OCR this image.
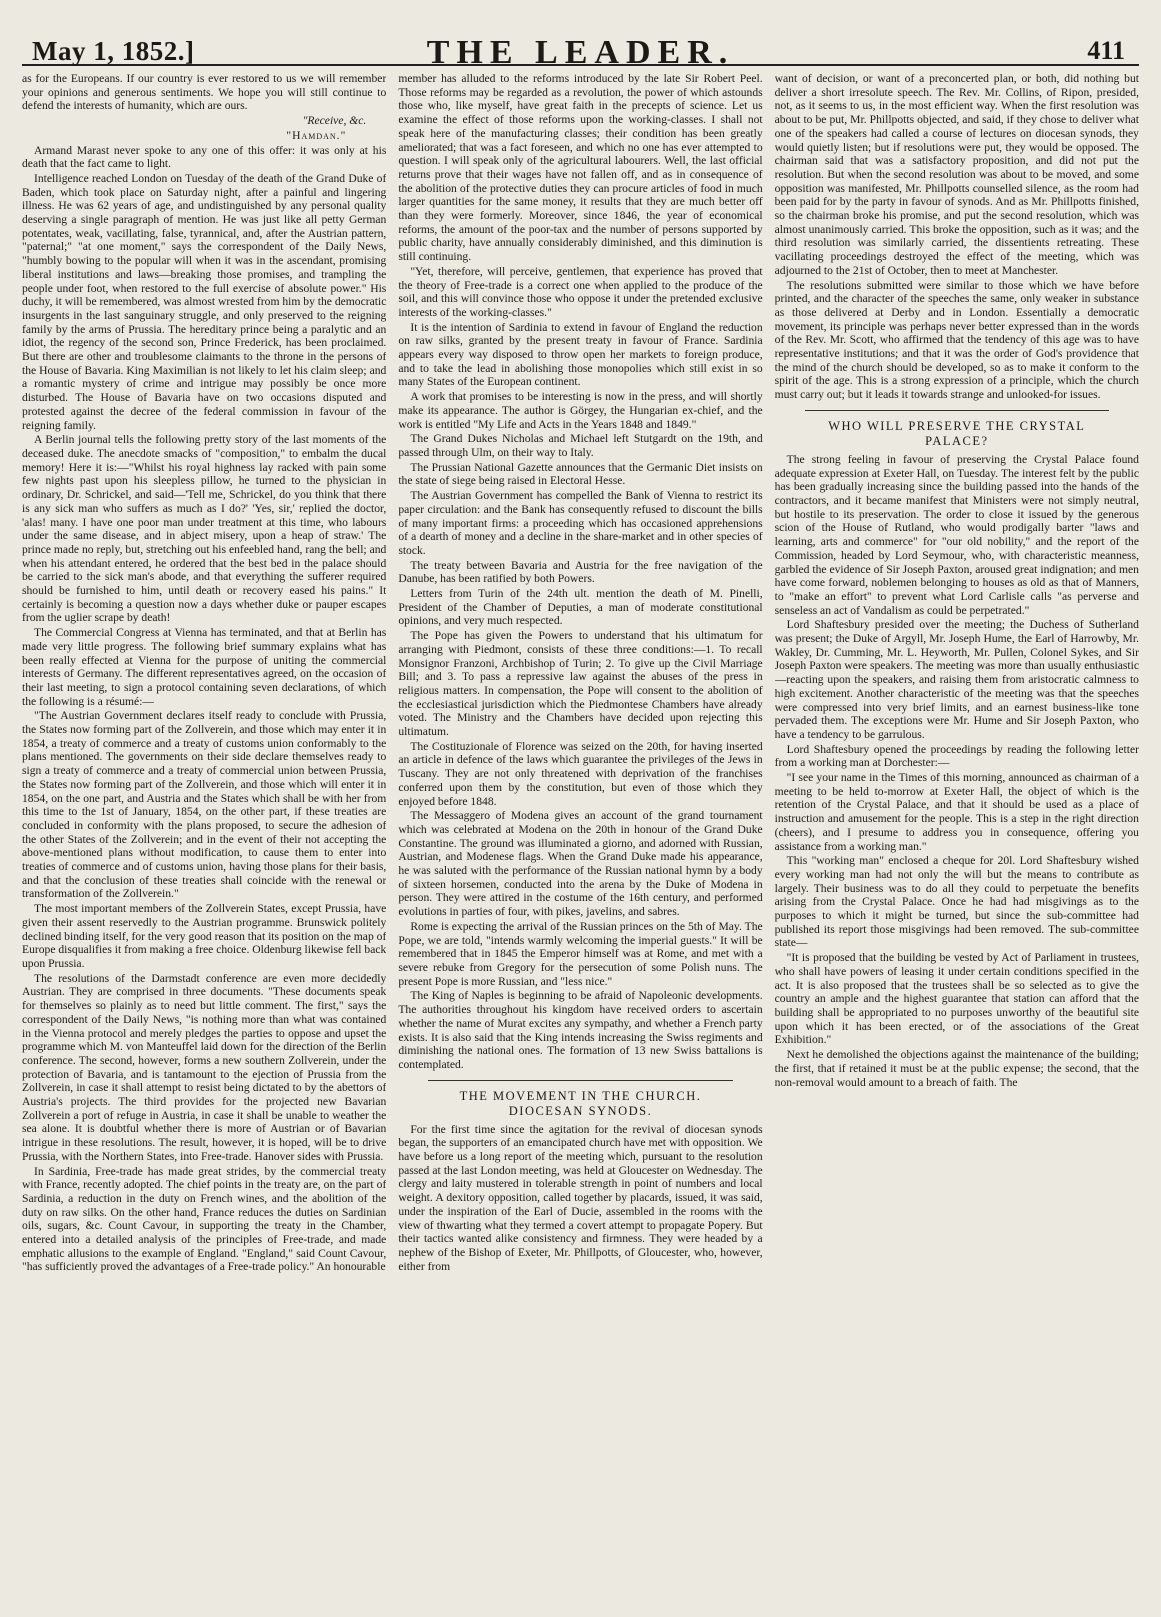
May 1, 1852.]	THE LEADER.	411

as for the Europeans. If our country is ever restored to us we will remember your opinions and generous sentiments. We hope you will still continue to defend the interests of humanity, which are ours.

"Receive, &c.

"Hamdan."

Armand Marast never spoke to any one of this offer: it was only at his death that the fact came to light.

Intelligence reached London on Tuesday of the death of the Grand Duke of Baden, which took place on Saturday night, after a painful and lingering illness. He was 62 years of age, and undistinguished by any personal quality deserving a single paragraph of mention. He was just like all petty German potentates, weak, vacillating, false, tyrannical, and, after the Austrian pattern, "paternal;" "at one moment," says the correspondent of the Daily News, "humbly bowing to the popular will when it was in the ascendant, promising liberal institutions and laws—breaking those promises, and trampling the people under foot, when restored to the full exercise of absolute power." His duchy, it will be remembered, was almost wrested from him by the democratic insurgents in the last sanguinary struggle, and only preserved to the reigning family by the arms of Prussia. The hereditary prince being a paralytic and an idiot, the regency of the second son, Prince Frederick, has been proclaimed. But there are other and troublesome claimants to the throne in the persons of the House of Bavaria. King Maximilian is not likely to let his claim sleep; and a romantic mystery of crime and intrigue may possibly be once more disturbed. The House of Bavaria have on two occasions disputed and protested against the decree of the federal commission in favour of the reigning family.

A Berlin journal tells the following pretty story of the last moments of the deceased duke. The anecdote smacks of "composition," to embalm the ducal memory! Here it is:—"Whilst his royal highness lay racked with pain some few nights past upon his sleepless pillow, he turned to the physician in ordinary, Dr. Schrickel, and said—'Tell me, Schrickel, do you think that there is any sick man who suffers as much as I do?' 'Yes, sir,' replied the doctor, 'alas! many. I have one poor man under treatment at this time, who labours under the same disease, and in abject misery, upon a heap of straw.' The prince made no reply, but, stretching out his enfeebled hand, rang the bell; and when his attendant entered, he ordered that the best bed in the palace should be carried to the sick man's abode, and that everything the sufferer required should be furnished to him, until death or recovery eased his pains." It certainly is becoming a question now a days whether duke or pauper escapes from the uglier scrape by death!

The Commercial Congress at Vienna has terminated, and that at Berlin has made very little progress. The following brief summary explains what has been really effected at Vienna for the purpose of uniting the commercial interests of Germany. The different representatives agreed, on the occasion of their last meeting, to sign a protocol containing seven declarations, of which the following is a résumé:—

"The Austrian Government declares itself ready to conclude with Prussia, the States now forming part of the Zollverein, and those which may enter it in 1854, a treaty of commerce and a treaty of customs union conformably to the plans mentioned. The governments on their side declare themselves ready to sign a treaty of commerce and a treaty of commercial union between Prussia, the States now forming part of the Zollverein, and those which will enter it in 1854, on the one part, and Austria and the States which shall be with her from this time to the 1st of January, 1854, on the other part, if these treaties are concluded in conformity with the plans proposed, to secure the adhesion of the other States of the Zollverein; and in the event of their not accepting the above-mentioned plans without modification, to cause them to enter into treaties of commerce and of customs union, having those plans for their basis, and that the conclusion of these treaties shall coincide with the renewal or transformation of the Zollverein."

The most important members of the Zollverein States, except Prussia, have given their assent reservedly to the Austrian programme. Brunswick politely declined binding itself, for the very good reason that its position on the map of Europe disqualifies it from making a free choice. Oldenburg likewise fell back upon Prussia.

The resolutions of the Darmstadt conference are even more decidedly Austrian. They are comprised in three documents. "These documents speak for themselves so plainly as to need but little comment. The first," says the correspondent of the Daily News, "is nothing more than what was contained in the Vienna protocol and merely pledges the parties to oppose and upset the programme which M. von Manteuffel laid down for the direction of the Berlin conference. The second, however, forms a new southern Zollverein, under the protection of Bavaria, and is tantamount to the ejection of Prussia from the Zollverein, in case it shall attempt to resist being dictated to by the abettors of Austria's projects. The third provides for the projected new Bavarian Zollverein a port of refuge in Austria, in case it shall be unable to weather the sea alone. It is doubtful whether there is more of Austrian or of Bavarian intrigue in these resolutions. The result, however, it is hoped, will be to drive Prussia, with the Northern States, into Free-trade. Hanover sides with Prussia.

In Sardinia, Free-trade has made great strides, by the commercial treaty with France, recently adopted. The chief points in the treaty are, on the part of Sardinia, a reduction in the duty on French wines, and the abolition of the duty on raw silks. On the other hand, France reduces the duties on Sardinian oils, sugars, &c. Count Cavour, in supporting the treaty in the Chamber, entered into a detailed analysis of the principles of Free-trade, and made emphatic allusions to the example of England. "England," said Count Cavour, "has sufficiently proved the advantages of a Free-trade policy." An honourable

member has alluded to the reforms introduced by the late Sir Robert Peel. Those reforms may be regarded as a revolution, the power of which astounds those who, like myself, have great faith in the precepts of science. Let us examine the effect of those reforms upon the working-classes. I shall not speak here of the manufacturing classes; their condition has been greatly ameliorated; that was a fact foreseen, and which no one has ever attempted to question. I will speak only of the agricultural labourers. Well, the last official returns prove that their wages have not fallen off, and as in consequence of the abolition of the protective duties they can procure articles of food in much larger quantities for the same money, it results that they are much better off than they were formerly. Moreover, since 1846, the year of economical reforms, the amount of the poor-tax and the number of persons supported by public charity, have annually considerably diminished, and this diminution is still continuing.

"Yet, therefore, will perceive, gentlemen, that experience has proved that the theory of Free-trade is a correct one when applied to the produce of the soil, and this will convince those who oppose it under the pretended exclusive interests of the working-classes."

It is the intention of Sardinia to extend in favour of England the reduction on raw silks, granted by the present treaty in favour of France. Sardinia appears every way disposed to throw open her markets to foreign produce, and to take the lead in abolishing those monopolies which still exist in so many States of the European continent.

A work that promises to be interesting is now in the press, and will shortly make its appearance. The author is Görgey, the Hungarian ex-chief, and the work is entitled "My Life and Acts in the Years 1848 and 1849."

The Grand Dukes Nicholas and Michael left Stutgardt on the 19th, and passed through Ulm, on their way to Italy.

The Prussian National Gazette announces that the Germanic Diet insists on the state of siege being raised in Electoral Hesse.

The Austrian Government has compelled the Bank of Vienna to restrict its paper circulation: and the Bank has consequently refused to discount the bills of many important firms: a proceeding which has occasioned apprehensions of a dearth of money and a decline in the share-market and in other species of stock.

The treaty between Bavaria and Austria for the free navigation of the Danube, has been ratified by both Powers.

Letters from Turin of the 24th ult. mention the death of M. Pinelli, President of the Chamber of Deputies, a man of moderate constitutional opinions, and very much respected.

The Pope has given the Powers to understand that his ultimatum for arranging with Piedmont, consists of these three conditions:—1. To recall Monsignor Franzoni, Archbishop of Turin; 2. To give up the Civil Marriage Bill; and 3. To pass a repressive law against the abuses of the press in religious matters. In compensation, the Pope will consent to the abolition of the ecclesiastical jurisdiction which the Piedmontese Chambers have already voted. The Ministry and the Chambers have decided upon rejecting this ultimatum.

The Costituzionale of Florence was seized on the 20th, for having inserted an article in defence of the laws which guarantee the privileges of the Jews in Tuscany. They are not only threatened with deprivation of the franchises conferred upon them by the constitution, but even of those which they enjoyed before 1848.

The Messaggero of Modena gives an account of the grand tournament which was celebrated at Modena on the 20th in honour of the Grand Duke Constantine. The ground was illuminated a giorno, and adorned with Russian, Austrian, and Modenese flags. When the Grand Duke made his appearance, he was saluted with the performance of the Russian national hymn by a body of sixteen horsemen, conducted into the arena by the Duke of Modena in person. They were attired in the costume of the 16th century, and performed evolutions in parties of four, with pikes, javelins, and sabres.

Rome is expecting the arrival of the Russian princes on the 5th of May. The Pope, we are told, "intends warmly welcoming the imperial guests." It will be remembered that in 1845 the Emperor himself was at Rome, and met with a severe rebuke from Gregory for the persecution of some Polish nuns. The present Pope is more Russian, and "less nice."

The King of Naples is beginning to be afraid of Napoleonic developments. The authorities throughout his kingdom have received orders to ascertain whether the name of Murat excites any sympathy, and whether a French party exists. It is also said that the King intends increasing the Swiss regiments and diminishing the national ones. The formation of 13 new Swiss battalions is contemplated.

THE MOVEMENT IN THE CHURCH.
DIOCESAN SYNODS.

For the first time since the agitation for the revival of diocesan synods began, the supporters of an emancipated church have met with opposition. We have before us a long report of the meeting which, pursuant to the resolution passed at the last London meeting, was held at Gloucester on Wednesday. The clergy and laity mustered in tolerable strength in point of numbers and local weight. A dexitory opposition, called together by placards, issued, it was said, under the inspiration of the Earl of Ducie, assembled in the rooms with the view of thwarting what they termed a covert attempt to propagate Popery. But their tactics wanted alike consistency and firmness. They were headed by a nephew of the Bishop of Exeter, Mr. Phillpotts, of Gloucester, who, however, either from

want of decision, or want of a preconcerted plan, or both, did nothing but deliver a short irresolute speech. The Rev. Mr. Collins, of Ripon, presided, not, as it seems to us, in the most efficient way. When the first resolution was about to be put, Mr. Phillpotts objected, and said, if they chose to deliver what one of the speakers had called a course of lectures on diocesan synods, they would quietly listen; but if resolutions were put, they would be opposed. The chairman said that was a satisfactory proposition, and did not put the resolution. But when the second resolution was about to be moved, and some opposition was manifested, Mr. Phillpotts counselled silence, as the room had been paid for by the party in favour of synods. And as Mr. Phillpotts finished, so the chairman broke his promise, and put the second resolution, which was almost unanimously carried. This broke the opposition, such as it was; and the third resolution was similarly carried, the dissentients retreating. These vacillating proceedings destroyed the effect of the meeting, which was adjourned to the 21st of October, then to meet at Manchester.

The resolutions submitted were similar to those which we have before printed, and the character of the speeches the same, only weaker in substance as those delivered at Derby and in London. Essentially a democratic movement, its principle was perhaps never better expressed than in the words of the Rev. Mr. Scott, who affirmed that the tendency of this age was to have representative institutions; and that it was the order of God's providence that the mind of the church should be developed, so as to make it conform to the spirit of the age. This is a strong expression of a principle, which the church must carry out; but it leads it towards strange and unlooked-for issues.

WHO WILL PRESERVE THE CRYSTAL
PALACE?

The strong feeling in favour of preserving the Crystal Palace found adequate expression at Exeter Hall, on Tuesday. The interest felt by the public has been gradually increasing since the building passed into the hands of the contractors, and it became manifest that Ministers were not simply neutral, but hostile to its preservation. The order to close it issued by the generous scion of the House of Rutland, who would prodigally barter "laws and learning, arts and commerce" for "our old nobility," and the report of the Commission, headed by Lord Seymour, who, with characteristic meanness, garbled the evidence of Sir Joseph Paxton, aroused great indignation; and men have come forward, noblemen belonging to houses as old as that of Manners, to "make an effort" to prevent what Lord Carlisle calls "as perverse and senseless an act of Vandalism as could be perpetrated."

Lord Shaftesbury presided over the meeting; the Duchess of Sutherland was present; the Duke of Argyll, Mr. Joseph Hume, the Earl of Harrowby, Mr. Wakley, Dr. Cumming, Mr. L. Heyworth, Mr. Pullen, Colonel Sykes, and Sir Joseph Paxton were speakers. The meeting was more than usually enthusiastic—reacting upon the speakers, and raising them from aristocratic calmness to high excitement. Another characteristic of the meeting was that the speeches were compressed into very brief limits, and an earnest business-like tone pervaded them. The exceptions were Mr. Hume and Sir Joseph Paxton, who have a tendency to be garrulous.

Lord Shaftesbury opened the proceedings by reading the following letter from a working man at Dorchester:—

"I see your name in the Times of this morning, announced as chairman of a meeting to be held to-morrow at Exeter Hall, the object of which is the retention of the Crystal Palace, and that it should be used as a place of instruction and amusement for the people. This is a step in the right direction (cheers), and I presume to address you in consequence, offering you assistance from a working man."

This "working man" enclosed a cheque for 20l. Lord Shaftesbury wished every working man had not only the will but the means to contribute as largely. Their business was to do all they could to perpetuate the benefits arising from the Crystal Palace. Once he had had misgivings as to the purposes to which it might be turned, but since the sub-committee had published its report those misgivings had been removed. The sub-committee state—

"It is proposed that the building be vested by Act of Parliament in trustees, who shall have powers of leasing it under certain conditions specified in the act. It is also proposed that the trustees shall be so selected as to give the country an ample and the highest guarantee that station can afford that the building shall be appropriated to no purposes unworthy of the beautiful site upon which it has been erected, or of the associations of the Great Exhibition."

Next he demolished the objections against the maintenance of the building; the first, that if retained it must be at the public expense; the second, that the non-removal would amount to a breach of faith. The
